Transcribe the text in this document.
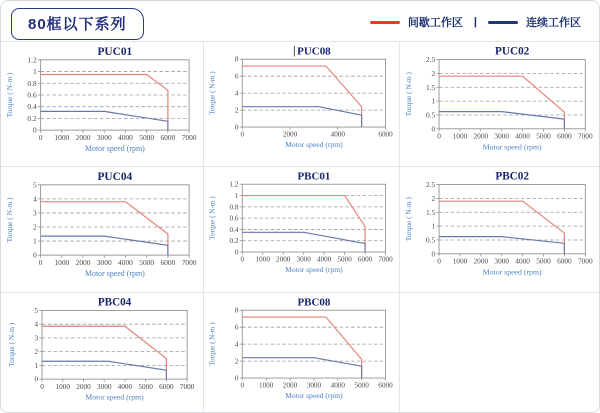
80框以下系列	间歇工作区 |	连续工作区
0
0.2
0.4
0.6
0.8
1
1.2
0 1000 2000 3000 4000 5000 6000 7000
PUC01
Motor speed (rpm)
Torque ( N-m )
0
2
4
6
8
0	2000	4000	6000
PUC08
Motor speed (rpm)
Torque ( N-m )
0
0.5
1
1.5
2
2.5
0 1000 2000 3000 4000 5000 6000 7000
PUC02
Motor speed (rpm)
Torque ( N-m )
0
1
2
3
4
5
0 1000 2000 3000 4000 5000 6000 7000
PUC04
Motor speed (rpm)
Torque ( N-m )
0
0.2
0.4
0.6
0.8
1
1.2
0 1000 2000 3000 4000 5000 6000 7000
PBC01
Motor speed (rpm)
Torque ( N-m )
0
0.5
1
1.5
2
2.5
0 1000 2000 3000 4000 5000 6000 7000
PBC02
Motor speed (rpm)
Torque ( N-m )
0
1
2
3
4
5
0 1000 2000 3000 4000 5000 6000 7000
PBC04
Motor speed (rpm)
Torque ( N-m )
0
2
4
6
8
0 1000 2000 3000 4000 5000 6000
PBC08
Motor speed (rpm)
Torque ( N-m )
